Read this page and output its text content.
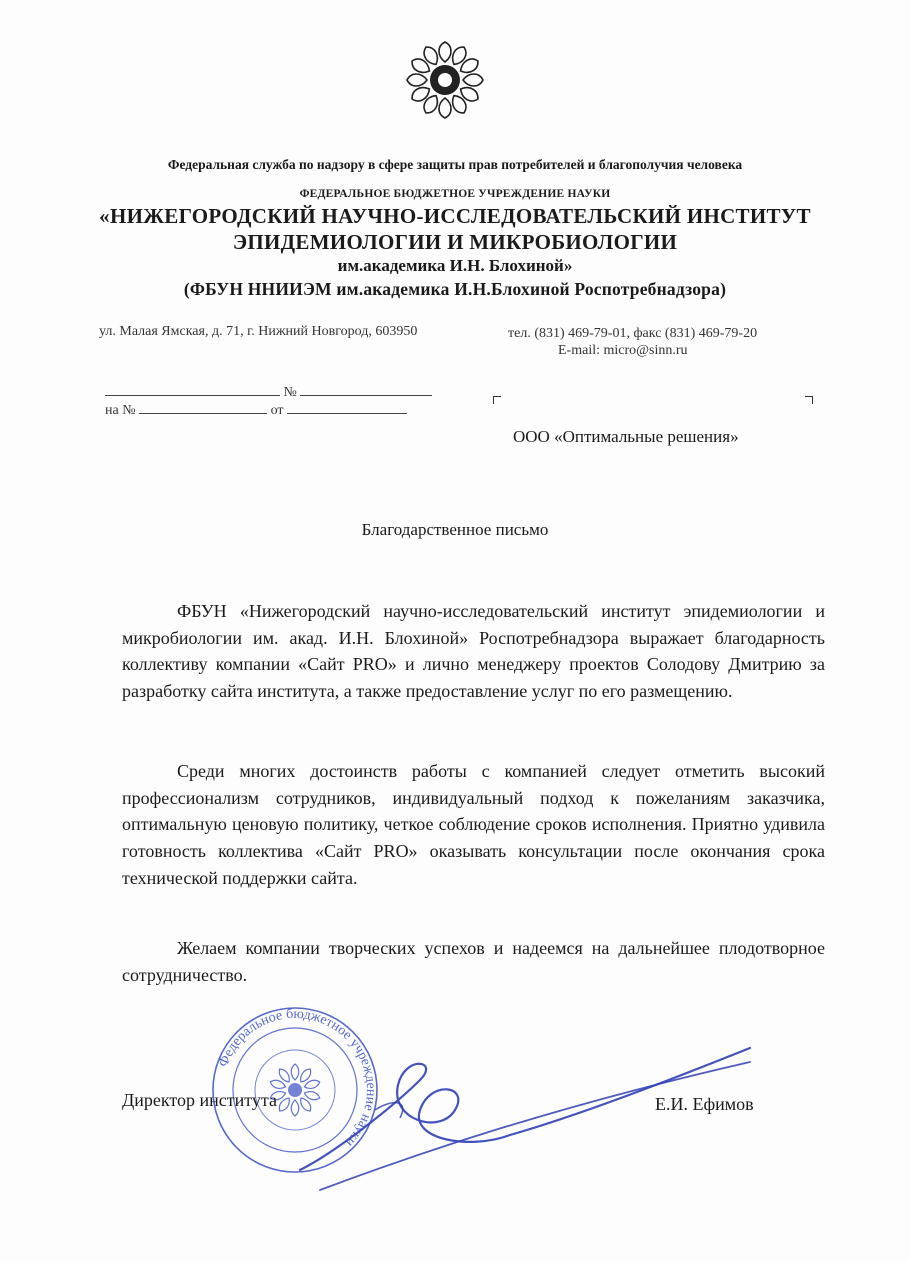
Федеральная служба по надзору в сфере защиты прав потребителей и благополучия человека
ФЕДЕРАЛЬНОЕ БЮДЖЕТНОЕ УЧРЕЖДЕНИЕ НАУКИ
«НИЖЕГОРОДСКИЙ НАУЧНО-ИССЛЕДОВАТЕЛЬСКИЙ ИНСТИТУТ
ЭПИДЕМИОЛОГИИ И МИКРОБИОЛОГИИ
им.академика И.Н. Блохиной»
(ФБУН ННИИЭМ им.академика И.Н.Блохиной Роспотребнадзора)
ул. Малая Ямская, д. 71, г. Нижний Новгород, 603950	тел. (831) 469-79-01, факс (831) 469-79-20
E-mail: micro@sinn.ru
№
на №	от
ООО «Оптимальные решения»
Благодарственное письмо
ФБУН «Нижегородский научно-исследовательский институт эпидемиологии и микробиологии им. акад. И.Н. Блохиной» Роспотребнадзора выражает благодарность коллективу компании «Сайт PRO» и лично менеджеру проектов Солодову Дмитрию за разработку сайта института, а также предоставление услуг по его размещению.
Среди многих достоинств работы с компанией следует отметить высокий профессионализм сотрудников, индивидуальный подход к пожеланиям заказчика, оптимальную ценовую политику, четкое соблюдение сроков исполнения. Приятно удивила готовность коллектива «Сайт PRO» оказывать консультации после окончания срока технической поддержки сайта.
Желаем компании творческих успехов и надеемся на дальнейшее плодотворное сотрудничество.
Федеральное бюджетное учреждение науки
Директор института	Е.И. Ефимов
